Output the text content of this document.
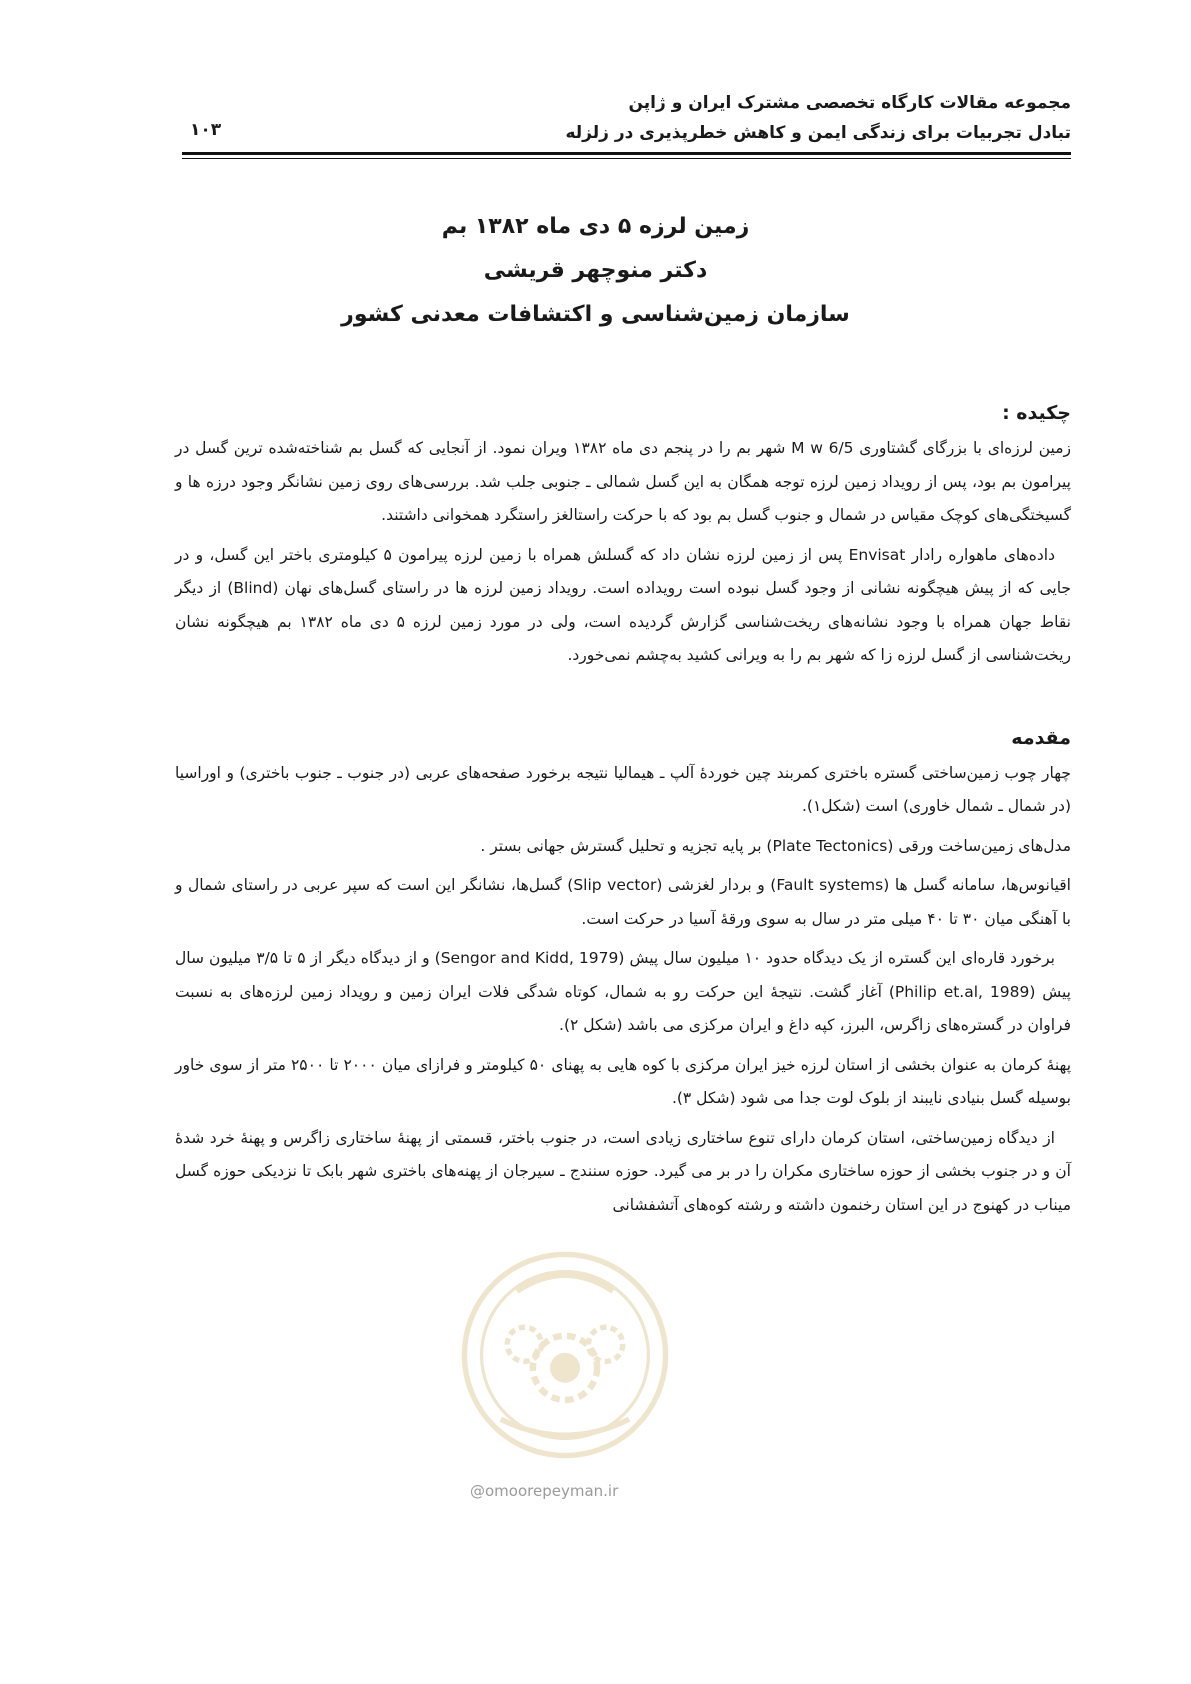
مجموعه مقالات کارگاه تخصصی مشترک ایران و ژاپن
تبادل تجربیات برای زندگی ایمن و کاهش خطرپذیری در زلزله
۱۰۳
زمین لرزه ۵ دی ماه ۱۳۸۲ بم
دکتر منوچهر قریشی
سازمان زمین‌شناسی و اکتشافات معدنی کشور
چکیده :

زمین لرزه‌ای با بزرگای گشتاوری M w 6/5 شهر بم را در پنجم دی ماه ۱۳۸۲ ویران نمود. از آنجایی که گسل بم شناخته‌شده ترین گسل در پیرامون بم بود، پس از رویداد زمین لرزه توجه همگان به این گسل شمالی ـ جنوبی جلب شد. بررسی‌های روی زمین نشانگر وجود درزه ها و گسیختگی‌های کوچک مقیاس در شمال و جنوب گسل بم بود که با حرکت راستالغز راستگرد همخوانی داشتند.

داده‌های ماهواره رادار Envisat پس از زمین لرزه نشان داد که گسلش همراه با زمین لرزه پیرامون ۵ کیلومتری باختر این گسل، و در جایی که از پیش هیچگونه نشانی از وجود گسل نبوده است رویداده است. رویداد زمین لرزه ها در راستای گسل‌های نهان (Blind) از دیگر نقاط جهان همراه با وجود نشانه‌های ریخت‌شناسی گزارش گردیده است، ولی در مورد زمین لرزه ۵ دی ماه ۱۳۸۲ بم هیچگونه نشان ریخت‌شناسی از گسل لرزه زا که شهر بم را به ویرانی کشید به‌چشم نمی‌خورد.

مقدمه

چهار چوب زمین‌ساختی گستره باختری کمربند چین خوردهٔ آلپ ـ هیمالیا نتیجه برخورد صفحه‌های عربی (در جنوب ـ جنوب باختری) و اوراسیا (در شمال ـ شمال خاوری) است (شکل۱).

مدل‌های زمین‌ساخت ورقی (Plate Tectonics) بر پایه تجزیه و تحلیل گسترش جهانی بستر .

اقیانوس‌ها، سامانه گسل ها (Fault systems) و بردار لغزشی (Slip vector) گسل‌ها، نشانگر این است که سپر عربی در راستای شمال و با آهنگی میان ۳۰ تا ۴۰ میلی متر در سال به سوی ورقهٔ آسیا در حرکت است.

برخورد قاره‌ای این گستره از یک دیدگاه حدود ۱۰ میلیون سال پیش (Sengor and Kidd, 1979) و از دیدگاه دیگر از ۵ تا ۳/۵ میلیون سال پیش (Philip et.al, 1989) آغاز گشت. نتیجهٔ این حرکت رو به شمال، کوتاه شدگی فلات ایران زمین و رویداد زمین لرزه‌های به نسبت فراوان در گستره‌های زاگرس، البرز، کپه داغ و ایران مرکزی می باشد (شکل ۲).

پهنهٔ کرمان به عنوان بخشی از استان لرزه خیز ایران مرکزی با کوه هایی به پهنای ۵۰ کیلومتر و فرازای میان ۲۰۰۰ تا ۲۵۰۰ متر از سوی خاور بوسیله گسل بنیادی نایبند از بلوک لوت جدا می شود (شکل ۳).

از دیدگاه زمین‌ساختی، استان کرمان دارای تنوع ساختاری زیادی است، در جنوب باختر، قسمتی از پهنهٔ ساختاری زاگرس و پهنهٔ خرد شدهٔ آن و در جنوب بخشی از حوزه ساختاری مکران را در بر می گیرد. حوزه سنندج ـ سیرجان از پهنه‌های باختری شهر بابک تا نزدیکی حوزه گسل میناب در کهنوج در این استان رخنمون داشته و رشته کوه‌های آتشفشانی

@omoorepeyman.ir
